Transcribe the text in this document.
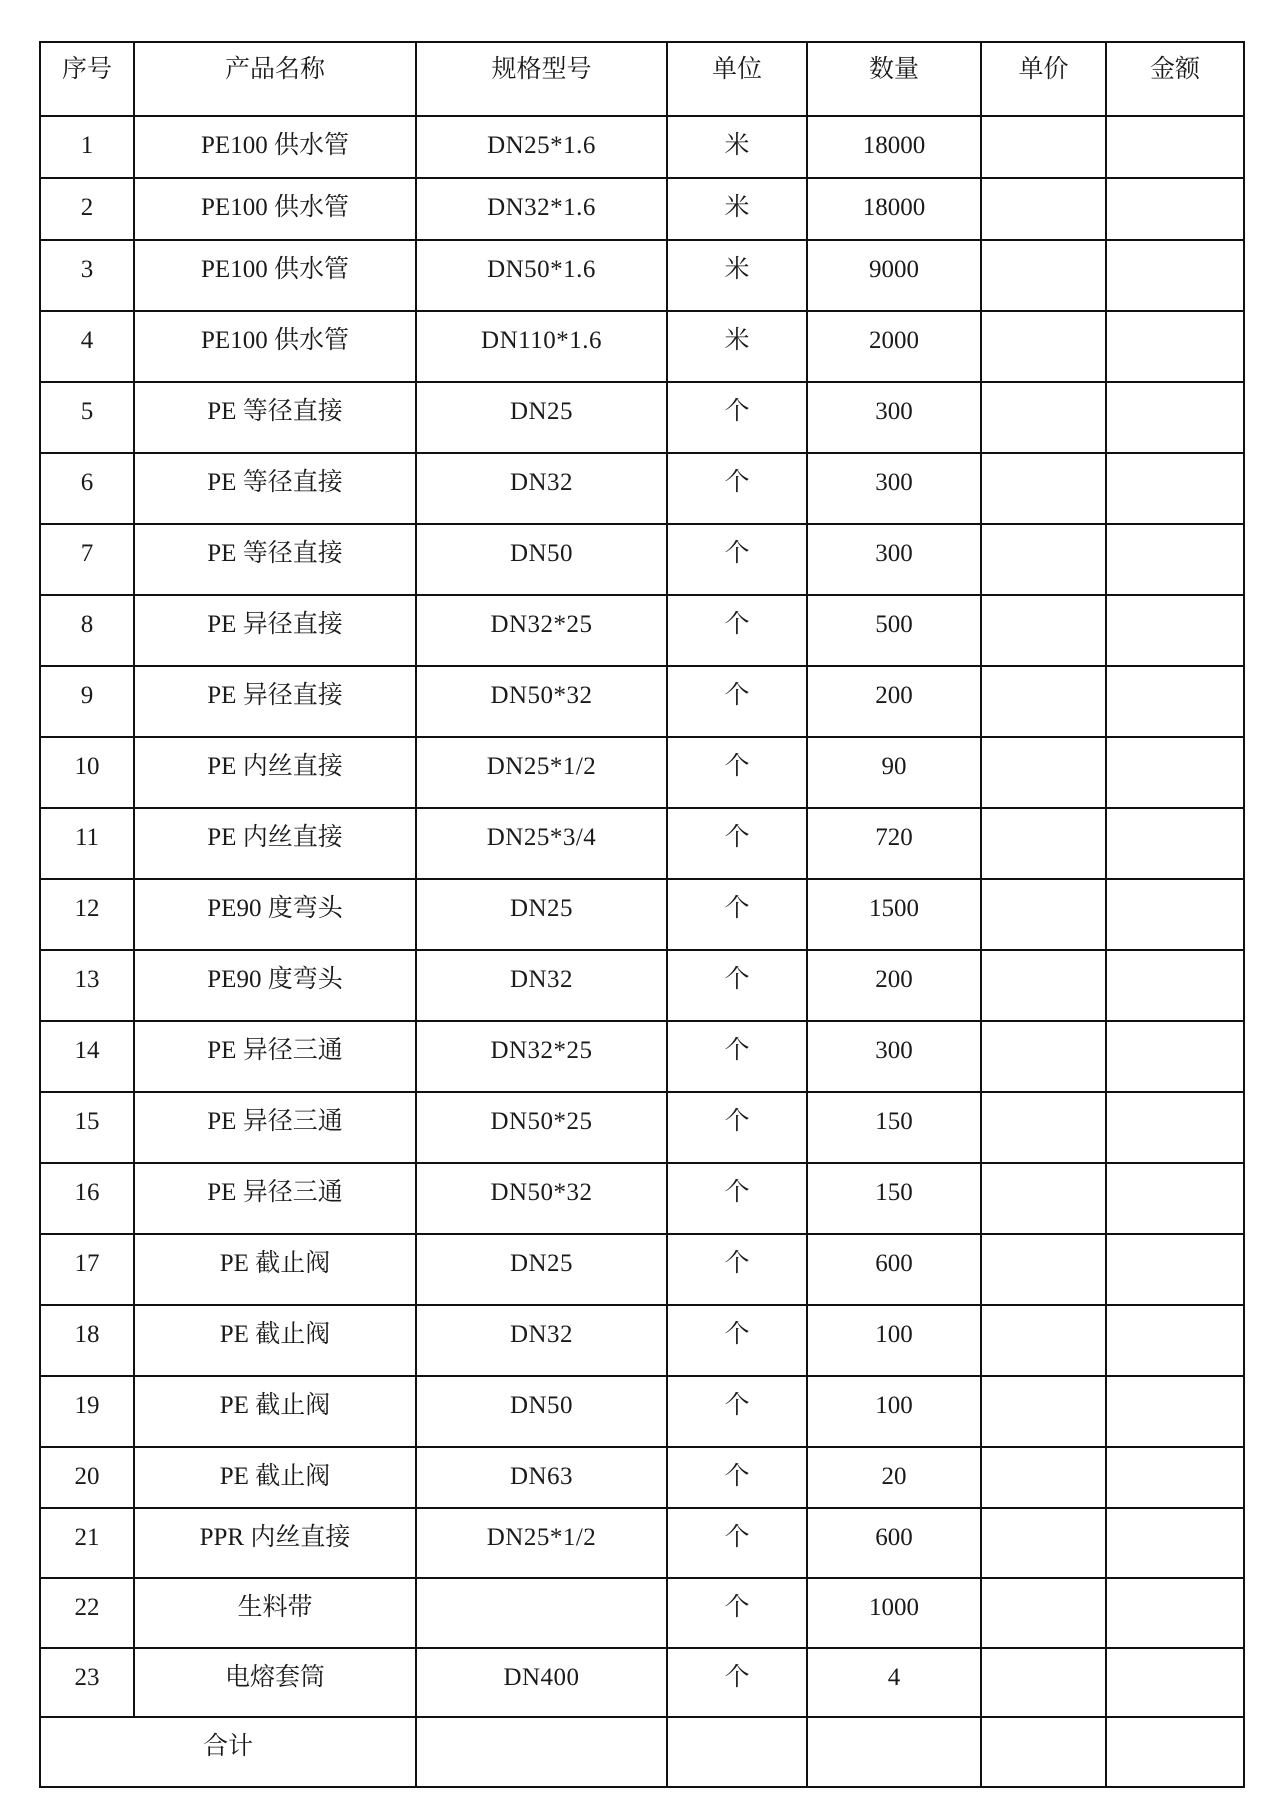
序号	产品名称	规格型号	单位	数量	单价	金额
1	PE100 供水管	DN25*1.6	米	18000		
2	PE100 供水管	DN32*1.6	米	18000		
3	PE100 供水管	DN50*1.6	米	9000		
4	PE100 供水管	DN110*1.6	米	2000		
5	PE 等径直接	DN25	个	300		
6	PE 等径直接	DN32	个	300		
7	PE 等径直接	DN50	个	300		
8	PE 异径直接	DN32*25	个	500		
9	PE 异径直接	DN50*32	个	200		
10	PE 内丝直接	DN25*1/2	个	90		
11	PE 内丝直接	DN25*3/4	个	720		
12	PE90 度弯头	DN25	个	1500		
13	PE90 度弯头	DN32	个	200		
14	PE 异径三通	DN32*25	个	300		
15	PE 异径三通	DN50*25	个	150		
16	PE 异径三通	DN50*32	个	150		
17	PE 截止阀	DN25	个	600		
18	PE 截止阀	DN32	个	100		
19	PE 截止阀	DN50	个	100		
20	PE 截止阀	DN63	个	20		
21	PPR 内丝直接	DN25*1/2	个	600		
22	生料带		个	1000		
23	电熔套筒	DN400	个	4		
合计						
